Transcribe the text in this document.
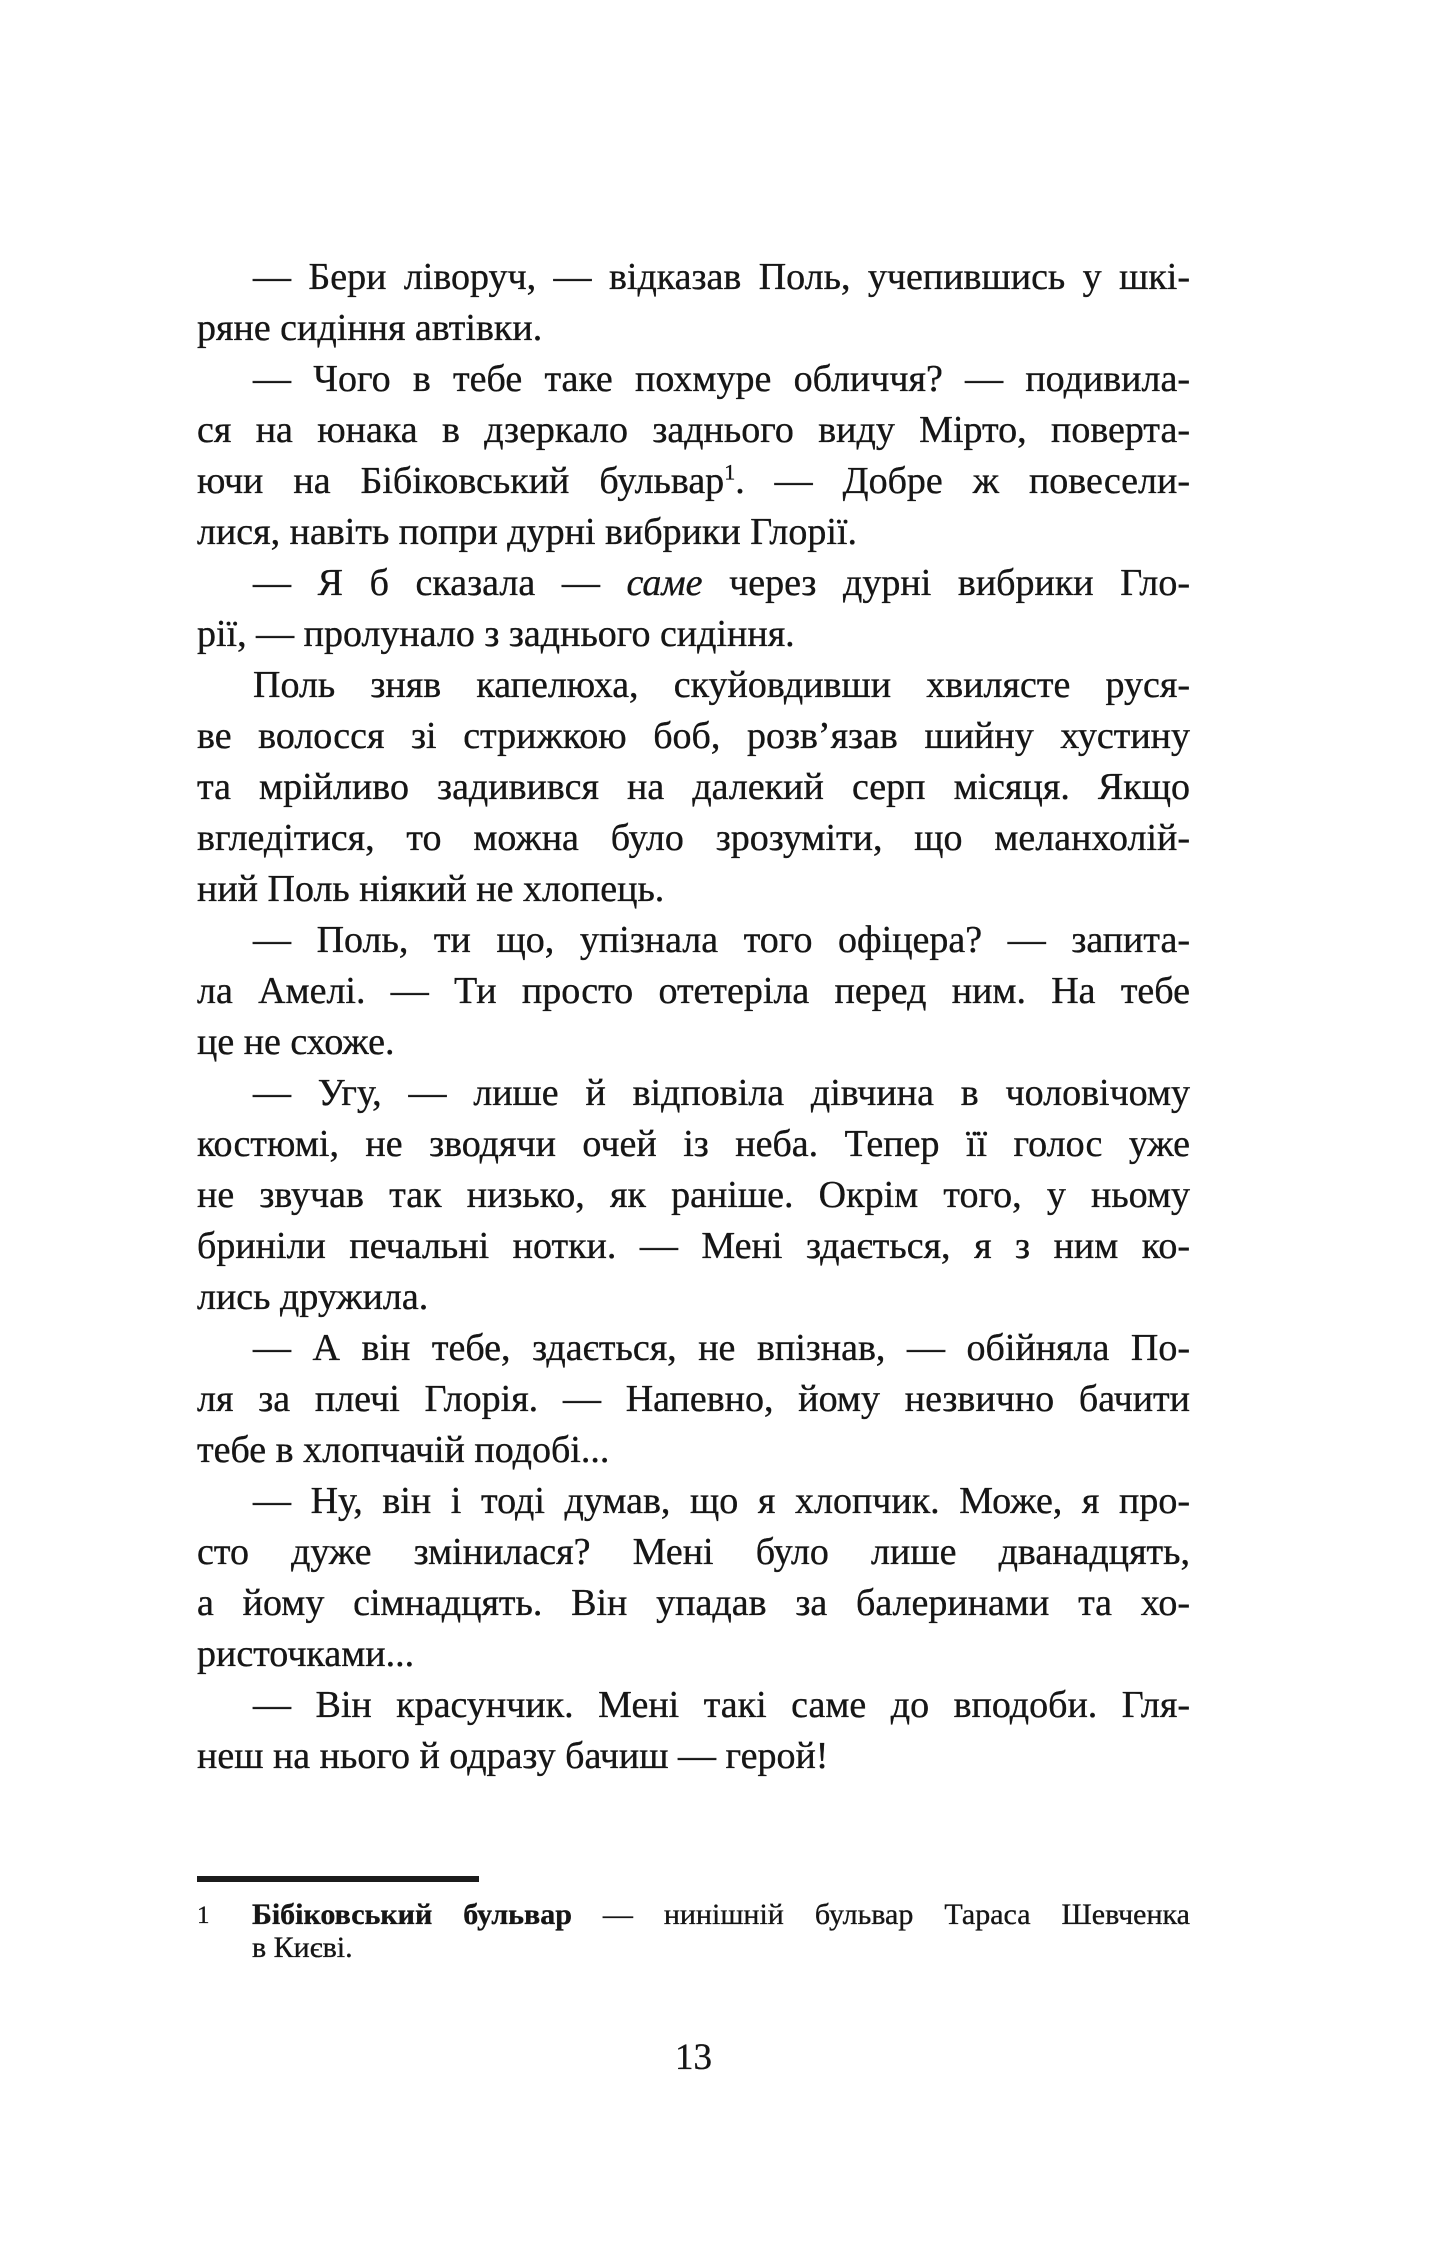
— Бери ліворуч, — відказав Поль, учепившись у шкі-
ряне сидіння автівки.
— Чого в тебе таке похмуре обличчя? — подивила-
ся на юнака в дзеркало заднього виду Мірто, поверта-
ючи на Бібіковський бульвар$^1$. — Добре ж повесели-
лися, навіть попри дурні вибрики Глорії.
— Я б сказала — саме через дурні вибрики Гло-
рії, — пролунало з заднього сидіння.
Поль зняв капелюха, скуйовдивши хвилясте руся-
ве волосся зі стрижкою боб, розв’язав шийну хустину
та мрійливо задивився на далекий серп місяця. Якщо
вгледітися, то можна було зрозуміти, що меланхолій-
ний Поль ніякий не хлопець.
— Поль, ти що, упізнала того офіцера? — запита-
ла Амелі. — Ти просто отетеріла перед ним. На тебе
це не схоже.
— Угу, — лише й відповіла дівчина в чоловічому
костюмі, не зводячи очей із неба. Тепер її голос уже
не звучав так низько, як раніше. Окрім того, у ньому
бриніли печальні нотки. — Мені здається, я з ним ко-
лись дружила.
— А він тебе, здається, не впізнав, — обійняла По-
ля за плечі Глорія. — Напевно, йому незвично бачити
тебе в хлопчачій подобі...
— Ну, він і тоді думав, що я хлопчик. Може, я про-
сто дуже змінилася? Мені було лише дванадцять,
а йому сімнадцять. Він упадав за балеринами та хо-
ристочками...
— Він красунчик. Мені такі саме до вподоби. Гля-
неш на нього й одразу бачиш — герой!
1 Бібіковський бульвар — нинішній бульвар Тараса Шевченка
в Києві.
13
